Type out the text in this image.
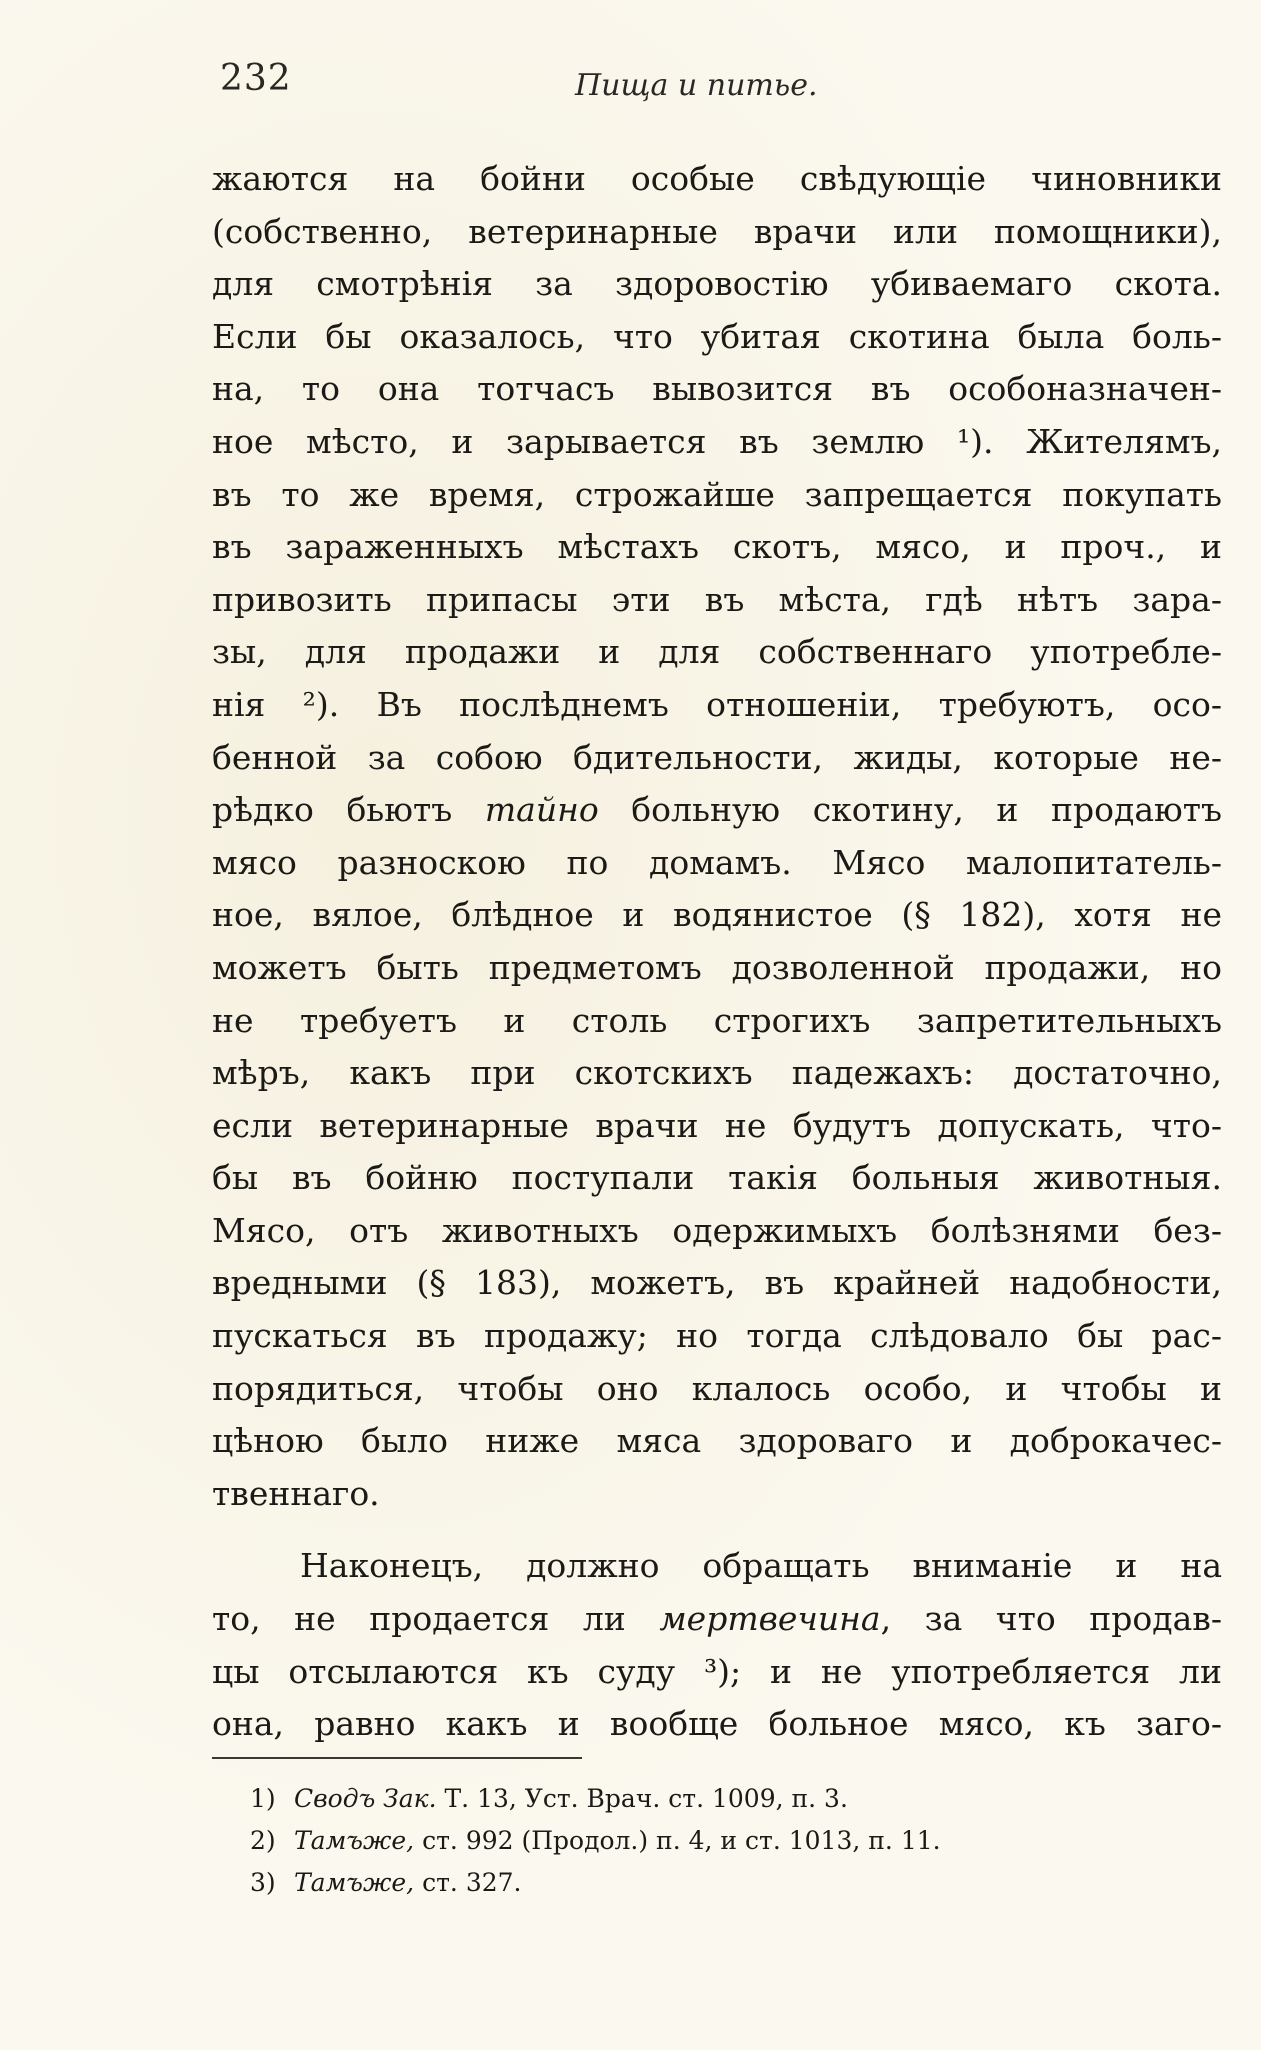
232	Пища и питье.
жаются на бойни особые свѣдующіе чиновники
(собственно, ветеринарные врачи или помощники),
для смотрѣнія за здоровостію убиваемаго скота.
Если бы оказалось, что убитая скотина была боль-
на, то она тотчасъ вывозится въ особоназначен-
ное мѣсто, и зарывается въ землю ¹). Жителямъ,
въ то же время, строжайше запрещается покупать
въ зараженныхъ мѣстахъ скотъ, мясо, и проч., и
привозить припасы эти въ мѣста, гдѣ нѣтъ зара-
зы, для продажи и для собственнаго употребле-
нія ²). Въ послѣднемъ отношеніи, требуютъ, осо-
бенной за собою бдительности, жиды, которые не-
рѣдко бьютъ тайно больную скотину, и продаютъ
мясо разноскою по домамъ. Мясо малопитатель-
ное, вялое, блѣдное и водянистое (§ 182), хотя не
можетъ быть предметомъ дозволенной продажи, но
не требуетъ и столь строгихъ запретительныхъ
мѣръ, какъ при скотскихъ падежахъ: достаточно,
если ветеринарные врачи не будутъ допускать, что-
бы въ бойню поступали такія больныя животныя.
Мясо, отъ животныхъ одержимыхъ болѣзнями без-
вредными (§ 183), можетъ, въ крайней надобности,
пускаться въ продажу; но тогда слѣдовало бы рас-
порядиться, чтобы оно клалось особо, и чтобы и
цѣною было ниже мяса здороваго и доброкачес-
твеннаго.
Наконецъ, должно обращать вниманіе и на
то, не продается ли мертвечина, за что продав-
цы отсылаются къ суду ³); и не употребляется ли
она, равно какъ и вообще больное мясо, къ заго-
1) Сводъ Зак. Т. 13, Уст. Врач. ст. 1009, п. 3.
2) Тамъже, ст. 992 (Продол.) п. 4, и ст. 1013, п. 11.
3) Тамъже, ст. 327.
